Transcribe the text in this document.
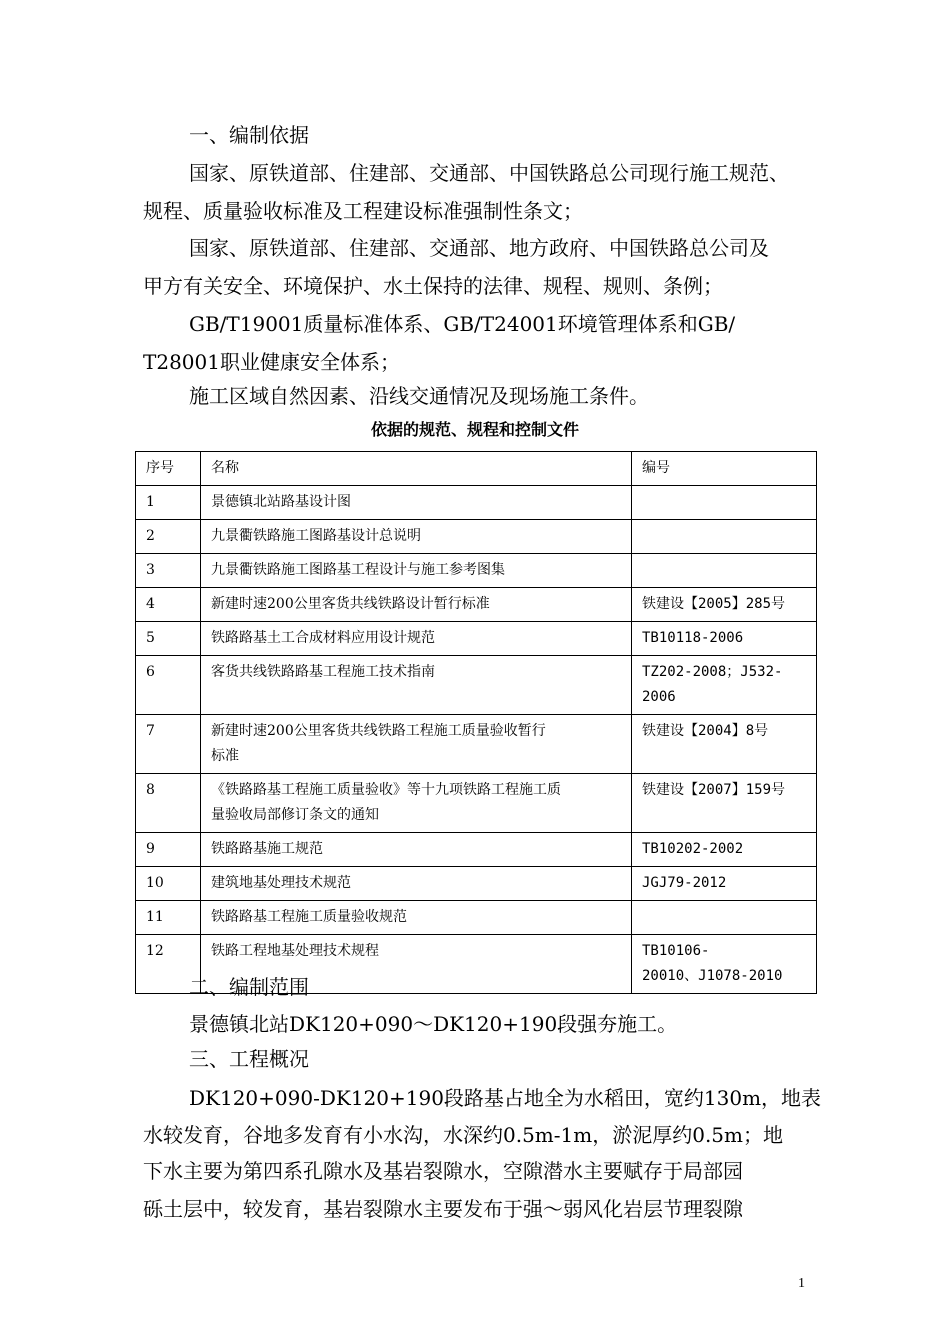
一、编制依据

国家、原铁道部、住建部、交通部、中国铁路总公司现行施工规范、

规程、质量验收标准及工程建设标准强制性条文；

国家、原铁道部、住建部、交通部、地方政府、中国铁路总公司及

甲方有关安全、环境保护、水土保持的法律、规程、规则、条例；

GB/T19001质量标准体系、GB/T24001环境管理体系和GB/

T28001职业健康安全体系；

施工区域自然因素、沿线交通情况及现场施工条件。

依据的规范、规程和控制文件

序号	名称	编号
1	景德镇北站路基设计图	

2	九景衢铁路施工图路基设计总说明	

3	九景衢铁路施工图路基工程设计与施工参考图集	

4	新建时速200公里客货共线铁路设计暂行标准	铁建设【2005】285号

5	铁路路基土工合成材料应用设计规范	TB10118-2006

6	客货共线铁路路基工程施工技术指南	TZ202-2008；J532-
2006

7	新建时速200公里客货共线铁路工程施工质量验收暂行
标准	铁建设【2004】8号

8	《铁路路基工程施工质量验收》等十九项铁路工程施工质
量验收局部修订条文的通知	铁建设【2007】159号

9	铁路路基施工规范	TB10202-2002

10	建筑地基处理技术规范	JGJ79-2012

11	铁路路基工程施工质量验收规范	

12	铁路工程地基处理技术规程	TB10106-
20010、J1078-2010

二、编制范围

景德镇北站DK120+090～DK120+190段强夯施工。

三、工程概况

DK120+090-DK120+190段路基占地全为水稻田，宽约130m，地表

水较发育，谷地多发育有小水沟，水深约0.5m-1m，淤泥厚约0.5m；地

下水主要为第四系孔隙水及基岩裂隙水，空隙潜水主要赋存于局部园

砾土层中，较发育，基岩裂隙水主要发布于强～弱风化岩层节理裂隙

1
